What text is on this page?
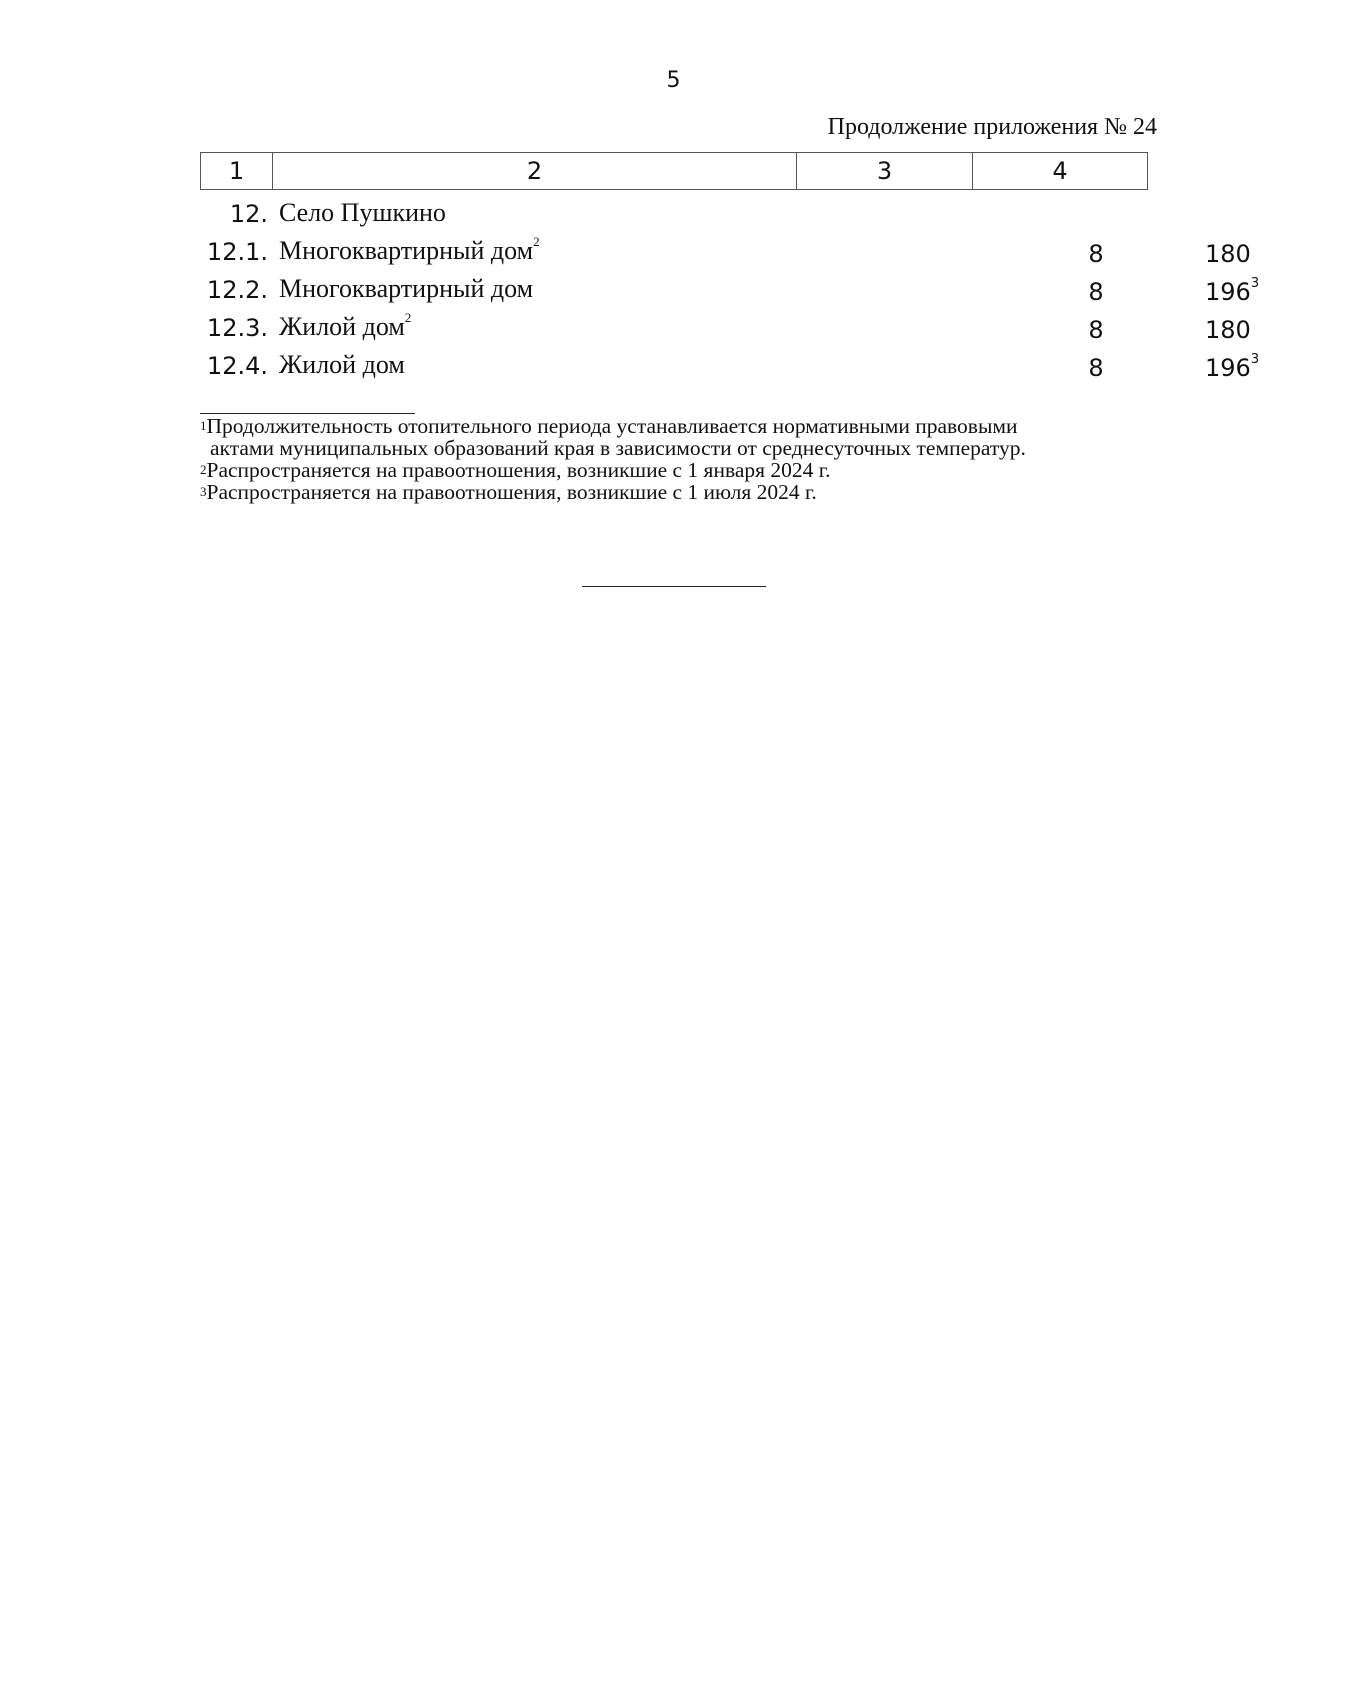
5
Продолжение приложения № 24
1	2	3	4
12. Село Пушкино
12.1. Многоквартирный дом$^2$	8	180
12.2. Многоквартирный дом	8	$196^3$
12.3. Жилой дом$^2$	8	180
12.4. Жилой дом	8	$196^3$
$^1$Продолжительность отопительного периода устанавливается нормативными правовыми
актами муниципальных образований края в зависимости от среднесуточных температур.
$^2$Распространяется на правоотношения, возникшие с 1 января 2024 г.
$^3$Распространяется на правоотношения, возникшие с 1 июля 2024 г.
